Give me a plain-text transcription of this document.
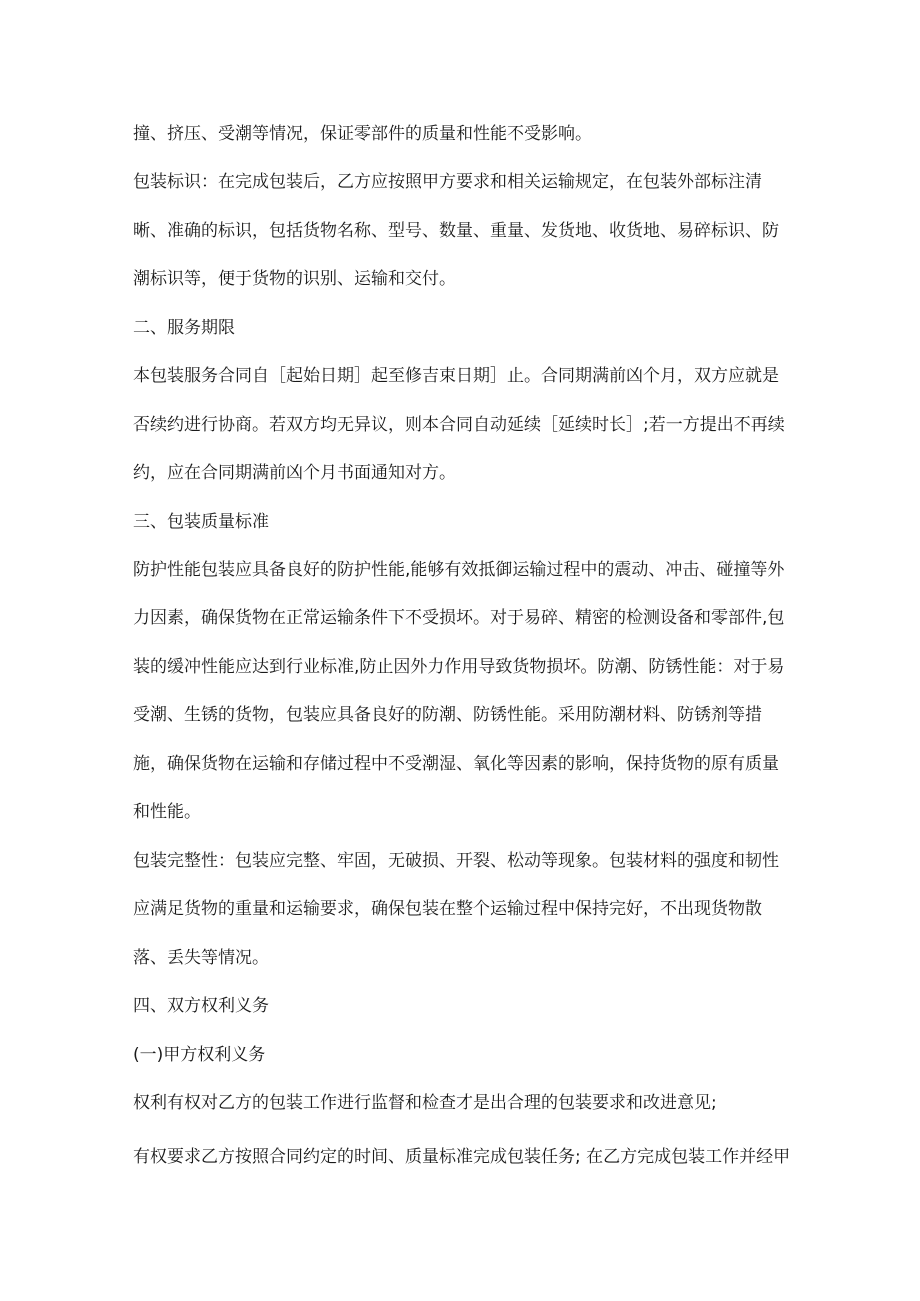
撞、挤压、受潮等情况，保证零部件的质量和性能不受影响。
包装标识：在完成包装后，乙方应按照甲方要求和相关运输规定，在包装外部标注清
晰、准确的标识，包括货物名称、型号、数量、重量、发货地、收货地、易碎标识、防
潮标识等，便于货物的识别、运输和交付。
二、服务期限
本包装服务合同自［起始日期］起至修吉束日期］止。合同期满前凶个月，双方应就是
否续约进行协商。若双方均无异议，则本合同自动延续［延续时长］;若一方提出不再续
约，应在合同期满前凶个月书面通知对方。
三、包装质量标准
防护性能包装应具备良好的防护性能,能够有效抵御运输过程中的震动、冲击、碰撞等外
力因素，确保货物在正常运输条件下不受损坏。对于易碎、精密的检测设备和零部件,包
装的缓冲性能应达到行业标准,防止因外力作用导致货物损坏。防潮、防锈性能：对于易
受潮、生锈的货物，包装应具备良好的防潮、防锈性能。采用防潮材料、防锈剂等措
施，确保货物在运输和存储过程中不受潮湿、氧化等因素的影响，保持货物的原有质量
和性能。
包装完整性：包装应完整、牢固，无破损、开裂、松动等现象。包装材料的强度和韧性
应满足货物的重量和运输要求，确保包装在整个运输过程中保持完好，不出现货物散
落、丢失等情况。
四、双方权利义务
(一)甲方权利义务
权利有权对乙方的包装工作进行监督和检查才是出合理的包装要求和改进意见;
有权要求乙方按照合同约定的时间、质量标准完成包装任务; 在乙方完成包装工作并经甲
